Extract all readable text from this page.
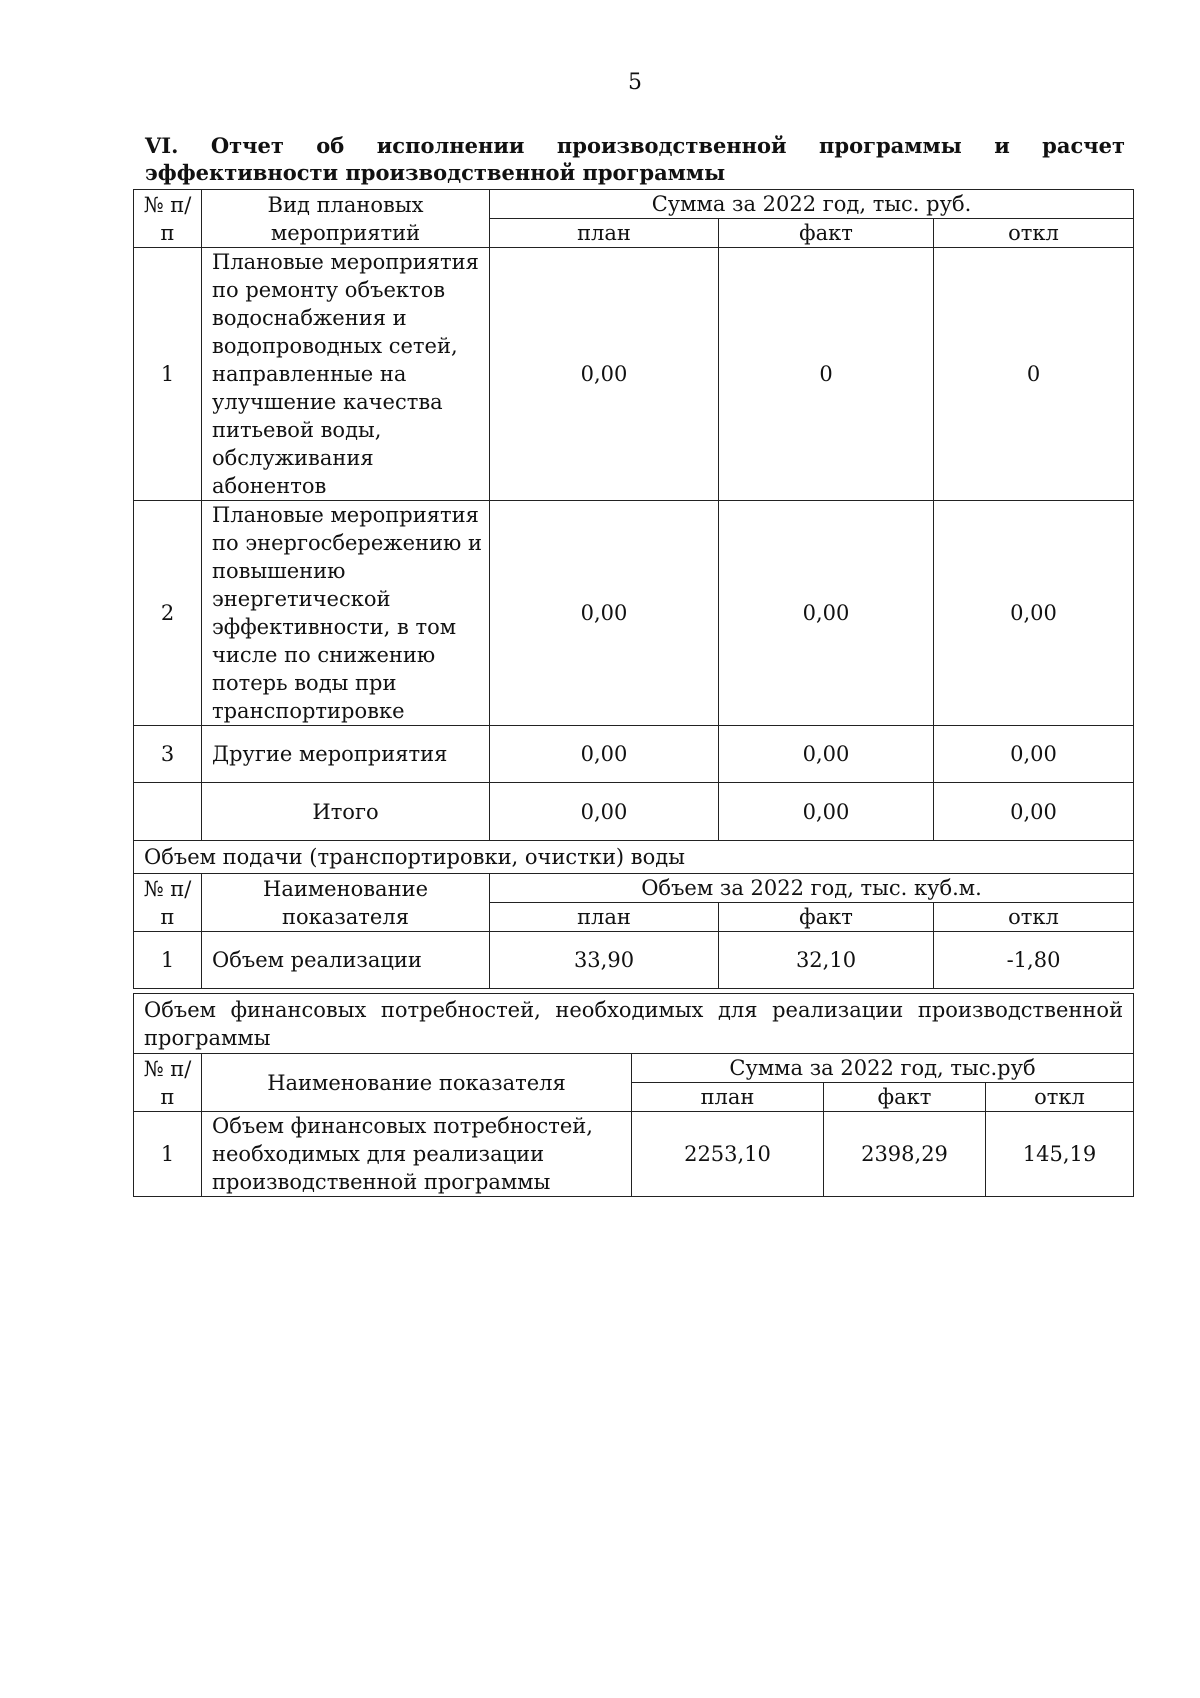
5
VI. Отчет об исполнении производственной программы и расчет эффективности производственной программы
№ п/п	Вид плановых мероприятий	Сумма за 2022 год, тыс. руб.		
		план	факт	откл
1	Плановые мероприятия по ремонту объектов водоснабжения и водопроводных сетей, направленные на улучшение качества питьевой воды, обслуживания абонентов	0,00	0	0
2	Плановые мероприятия по энергосбережению и повышению энергетической эффективности, в том числе по снижению потерь воды при транспортировке	0,00	0,00	0,00
3	Другие мероприятия	0,00	0,00	0,00
	Итого	0,00	0,00	0,00
Объем подачи (транспортировки, очистки) воды				
№ п/п	Наименование показателя	Объем за 2022 год, тыс. куб.м.		
		план	факт	откл
1	Объем реализации	33,90	32,10	-1,80
Объем финансовых потребностей, необходимых для реализации производственной программы				
№ п/п	Наименование показателя	Сумма за 2022 год, тыс.руб		
		план	факт	откл
1	Объем финансовых потребностей, необходимых для реализации производственной программы	2253,10	2398,29	145,19
